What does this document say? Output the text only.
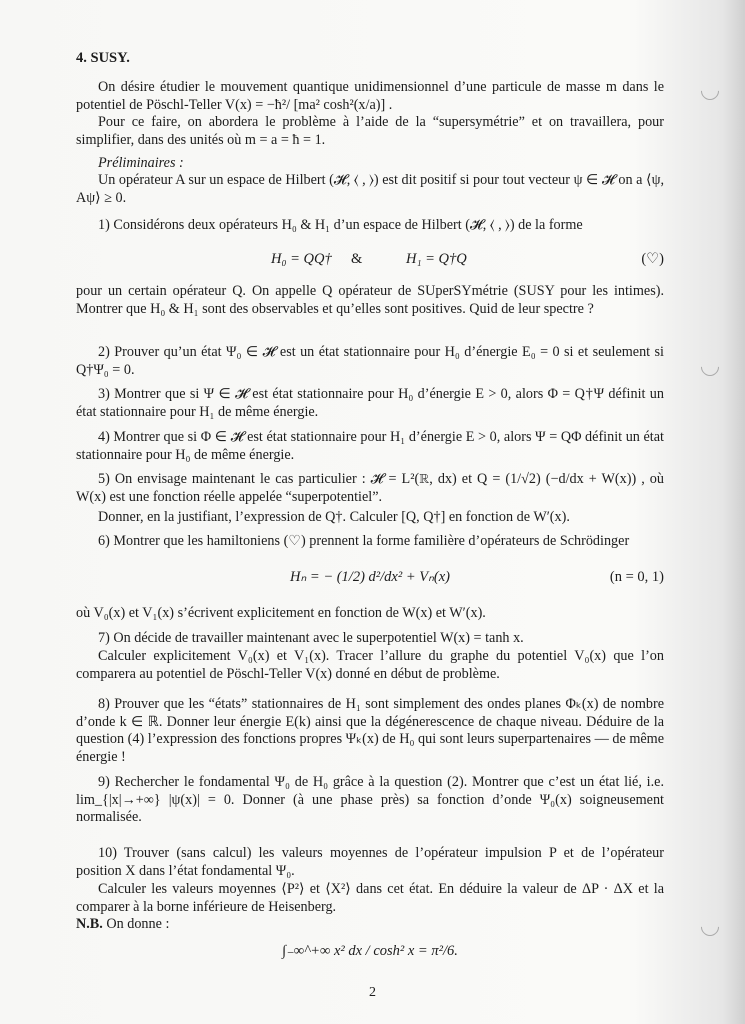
4. SUSY.
On désire étudier le mouvement quantique unidimensionnel d’une particule de masse m dans le potentiel de Pöschl-Teller V(x) = −ħ²/ [ma² cosh²(x/a)] .
Pour ce faire, on abordera le problème à l’aide de la “supersymétrie” et on travaillera, pour simplifier, dans des unités où m = a = ħ = 1.
Préliminaires :
Un opérateur A sur un espace de Hilbert (𝓗, ⟨ , ⟩) est dit positif si pour tout vecteur ψ ∈ 𝓗 on a ⟨ψ, Aψ⟩ ≥ 0.
1) Considérons deux opérateurs H₀ & H₁ d’un espace de Hilbert (𝓗, ⟨ , ⟩) de la forme
H₀ = QQ† &	H₁ = Q†Q	(♡)
pour un certain opérateur Q. On appelle Q opérateur de SUperSYmétrie (SUSY pour les intimes). Montrer que H₀ & H₁ sont des observables et qu’elles sont positives. Quid de leur spectre ?
2) Prouver qu’un état Ψ₀ ∈ 𝓗 est un état stationnaire pour H₀ d’énergie E₀ = 0 si et seulement si Q†Ψ₀ = 0.
3) Montrer que si Ψ ∈ 𝓗 est état stationnaire pour H₀ d’énergie E > 0, alors Φ = Q†Ψ définit un état stationnaire pour H₁ de même énergie.
4) Montrer que si Φ ∈ 𝓗 est état stationnaire pour H₁ d’énergie E > 0, alors Ψ = QΦ définit un état stationnaire pour H₀ de même énergie.
5) On envisage maintenant le cas particulier : 𝓗 = L²(ℝ, dx) et Q = (1/√2) (−d/dx + W(x)) , où W(x) est une fonction réelle appelée “superpotentiel”.
Donner, en la justifiant, l’expression de Q†. Calculer [Q, Q†] en fonction de W′(x).
6) Montrer que les hamiltoniens (♡) prennent la forme familière d’opérateurs de Schrödinger
Hₙ = − (1/2) d²/dx² + Vₙ(x)	(n = 0, 1)
où V₀(x) et V₁(x) s’écrivent explicitement en fonction de W(x) et W′(x).
7) On décide de travailler maintenant avec le superpotentiel W(x) = tanh x.
Calculer explicitement V₀(x) et V₁(x). Tracer l’allure du graphe du potentiel V₀(x) que l’on comparera au potentiel de Pöschl-Teller V(x) donné en début de problème.
8) Prouver que les “états” stationnaires de H₁ sont simplement des ondes planes Φₖ(x) de nombre d’onde k ∈ ℝ. Donner leur énergie E(k) ainsi que la dégénerescence de chaque niveau. Déduire de la question (4) l’expression des fonctions propres Ψₖ(x) de H₀ qui sont leurs superpartenaires — de même énergie !
9) Rechercher le fondamental Ψ₀ de H₀ grâce à la question (2). Montrer que c’est un état lié, i.e. lim_{|x|→+∞} |ψ(x)| = 0. Donner (à une phase près) sa fonction d’onde Ψ₀(x) soigneusement normalisée.
10) Trouver (sans calcul) les valeurs moyennes de l’opérateur impulsion P et de l’opérateur position X dans l’état fondamental Ψ₀.
Calculer les valeurs moyennes ⟨P²⟩ et ⟨X²⟩ dans cet état. En déduire la valeur de ΔP · ΔX et la comparer à la borne inférieure de Heisenberg.
N.B. On donne :
∫₋∞^+∞ x² dx / cosh² x = π²/6.
2
